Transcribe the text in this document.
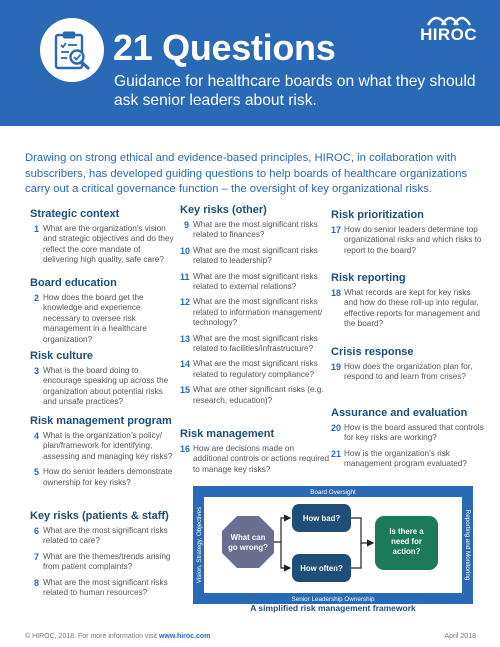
21 Questions
Guidance for healthcare boards on what they should ask senior leaders about risk.
HIROC
Drawing on strong ethical and evidence-based principles, HIROC, in collaboration with subscribers, has developed guiding questions to help boards of healthcare organizations carry out a critical governance function – the oversight of key organizational risks.
Strategic context
1 What are the organization’s vision and strategic objectives and do they reflect the core mandate of delivering high quality, safe care?
Board education
2 How does the board get the knowledge and experience necessary to oversee risk management in a healthcare organization?
Risk culture
3 What is the board doing to encourage speaking up across the organization about potential risks and unsafe practices?
Risk management program
4 What is the organization’s policy/ plan/framework for identifying, assessing and managing key risks?
5 How do senior leaders demonstrate ownership for key risks?
Key risks (patients & staff)
6 What are the most significant risks related to care?
7 What are the themes/trends arising from patient complaints?
8 What are the most significant risks related to human resources?
Key risks (other)
9 What are the most significant risks related to finances?
10 What are the most significant risks related to leadership?
11 What are the most significant risks related to external relations?
12 What are the most significant risks related to information management/ technology?
13 What are the most significant risks related to facilities/infrastructure?
14 What are the most significant risks related to regulatory compliance?
15 What are other significant risks (e.g. research, education)?
Risk management
16 How are decisions made on additional controls or actions required to manage key risks?
Risk prioritization
17 How do senior leaders determine top organizational risks and which risks to report to the board?
Risk reporting
18 What records are kept for key risks and how do these roll-up into regular, effective reports for management and the board?
Crisis response
19 How does the organization plan for, respond to and learn from crises?
Assurance and evaluation
20 How is the board assured that controls for key risks are working?
21 How is the organization’s risk management program evaluated?
Board Oversight
Senior Leadership Ownership
Vision, Strategy, Objectives	Reporting and Monitoring
What can
go wrong?
How bad?
How often?
Is there a
need for
action?
A simplified risk management framework
© HIROC, 2018. For more information visit www.hiroc.com	April 2018
